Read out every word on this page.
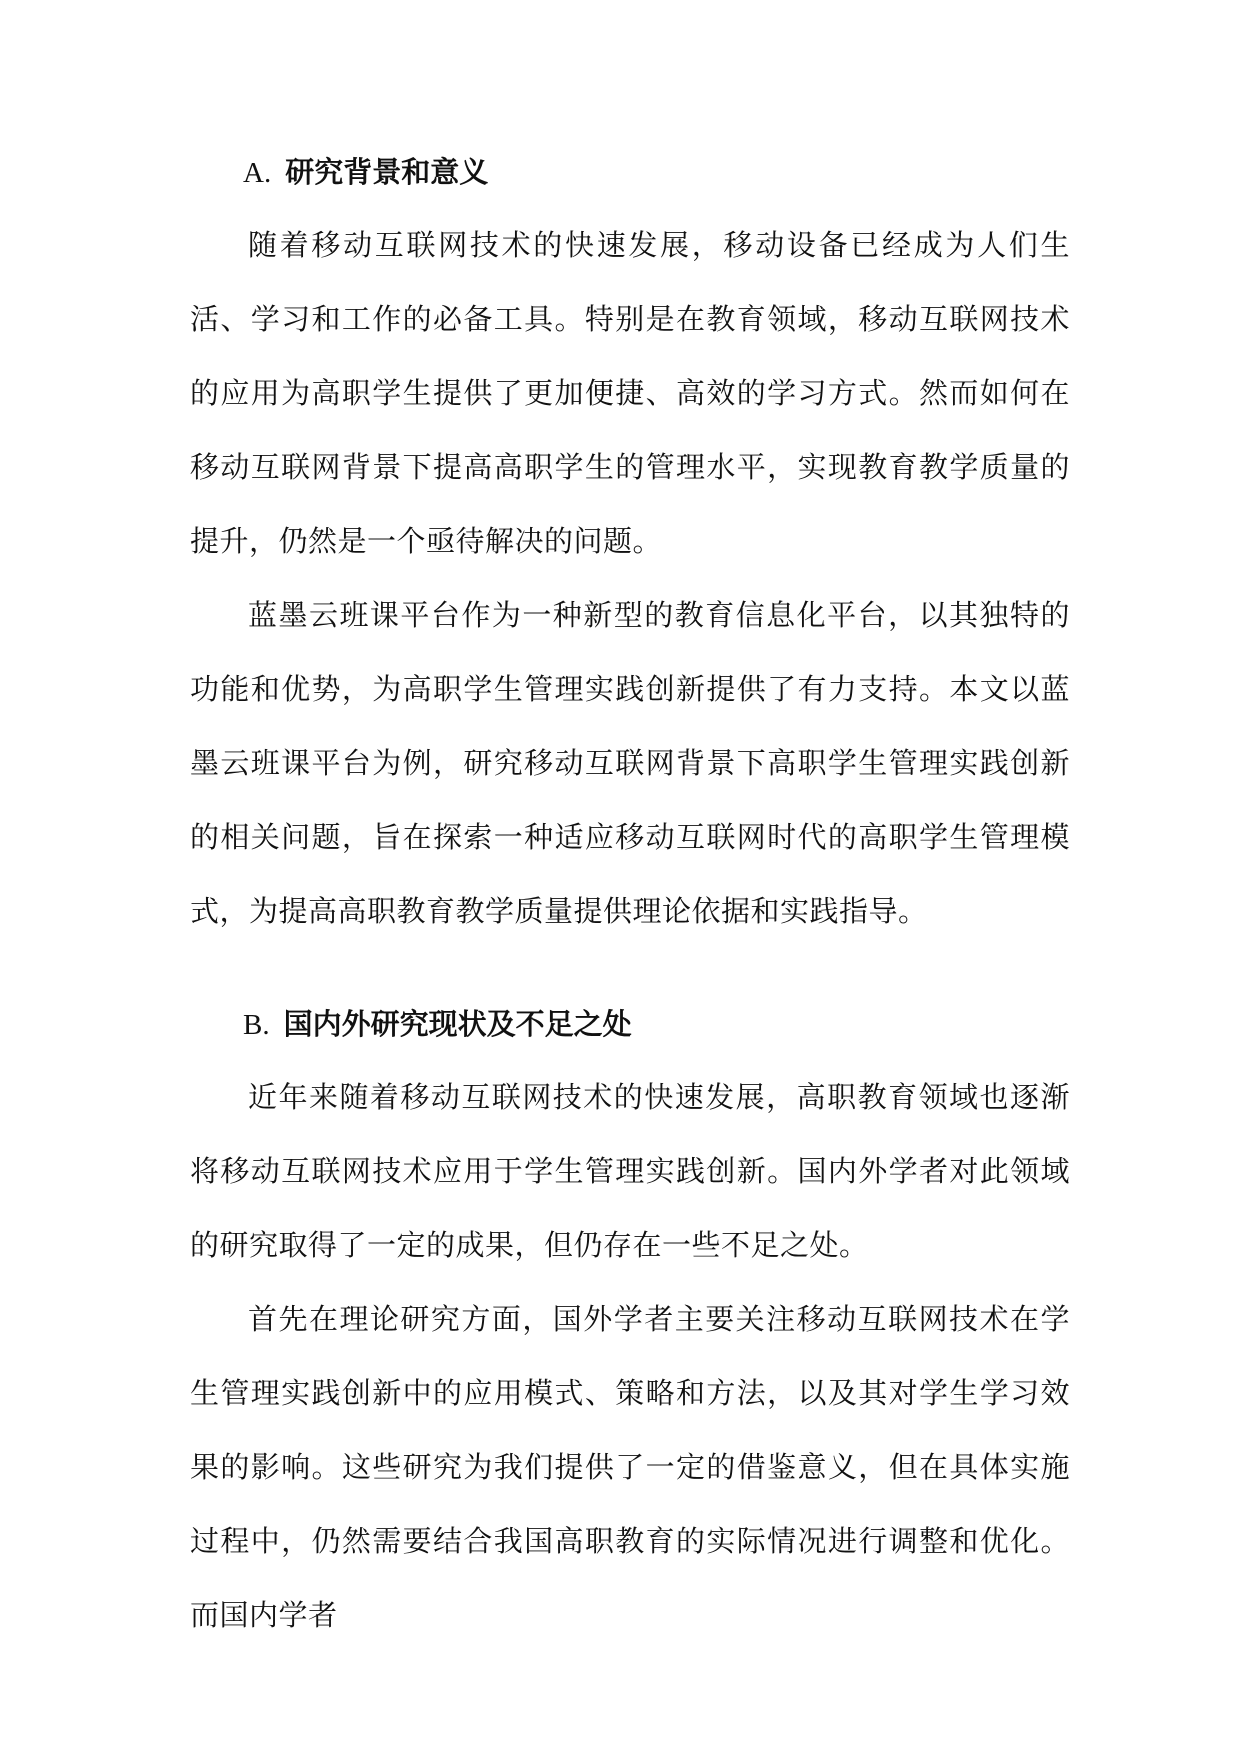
A. 研究背景和意义

随着移动互联网技术的快速发展，移动设备已经成为人们生活、学习和工作的必备工具。特别是在教育领域，移动互联网技术的应用为高职学生提供了更加便捷、高效的学习方式。然而如何在移动互联网背景下提高高职学生的管理水平，实现教育教学质量的提升，仍然是一个亟待解决的问题。

蓝墨云班课平台作为一种新型的教育信息化平台，以其独特的功能和优势，为高职学生管理实践创新提供了有力支持。本文以蓝墨云班课平台为例，研究移动互联网背景下高职学生管理实践创新的相关问题，旨在探索一种适应移动互联网时代的高职学生管理模式，为提高高职教育教学质量提供理论依据和实践指导。

B. 国内外研究现状及不足之处

近年来随着移动互联网技术的快速发展，高职教育领域也逐渐将移动互联网技术应用于学生管理实践创新。国内外学者对此领域的研究取得了一定的成果，但仍存在一些不足之处。

首先在理论研究方面，国外学者主要关注移动互联网技术在学生管理实践创新中的应用模式、策略和方法，以及其对学生学习效果的影响。这些研究为我们提供了一定的借鉴意义，但在具体实施过程中，仍然需要结合我国高职教育的实际情况进行调整和优化。而国内学者
